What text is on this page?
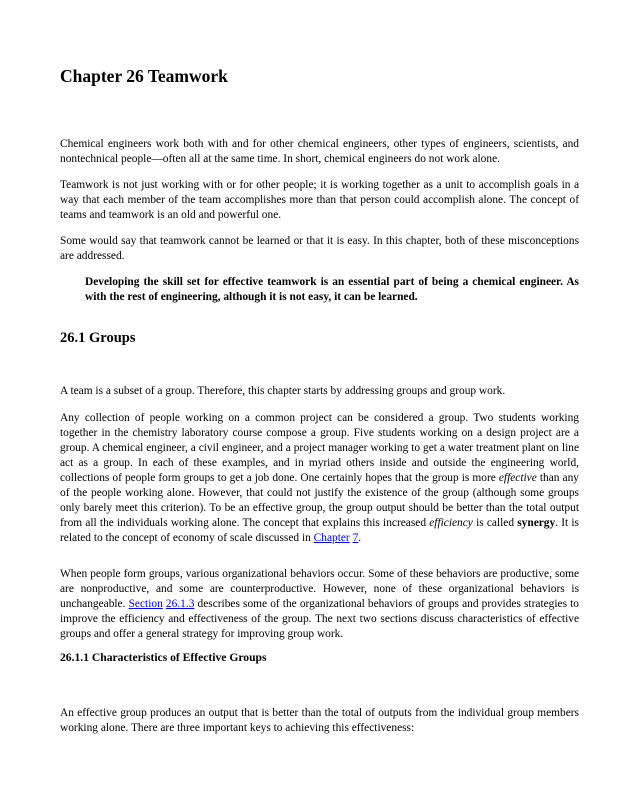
Chapter 26 Teamwork

Chemical engineers work both with and for other chemical engineers, other types of engineers, scientists, and nontechnical people—often all at the same time. In short, chemical engineers do not work alone.

Teamwork is not just working with or for other people; it is working together as a unit to accomplish goals in a way that each member of the team accomplishes more than that person could accomplish alone. The concept of teams and teamwork is an old and powerful one.

Some would say that teamwork cannot be learned or that it is easy. In this chapter, both of these misconceptions are addressed.

Developing the skill set for effective teamwork is an essential part of being a chemical engineer. As with the rest of engineering, although it is not easy, it can be learned.

26.1 Groups

A team is a subset of a group. Therefore, this chapter starts by addressing groups and group work.

Any collection of people working on a common project can be considered a group. Two students working together in the chemistry laboratory course compose a group. Five students working on a design project are a group. A chemical engineer, a civil engineer, and a project manager working to get a water treatment plant on line act as a group. In each of these examples, and in myriad others inside and outside the engineering world, collections of people form groups to get a job done. One certainly hopes that the group is more effective than any of the people working alone. However, that could not justify the existence of the group (although some groups only barely meet this criterion). To be an effective group, the group output should be better than the total output from all the individuals working alone. The concept that explains this increased efficiency is called synergy. It is related to the concept of economy of scale discussed in Chapter 7.

When people form groups, various organizational behaviors occur. Some of these behaviors are productive, some are nonproductive, and some are counterproductive. However, none of these organizational behaviors is unchangeable. Section 26.1.3 describes some of the organizational behaviors of groups and provides strategies to improve the efficiency and effectiveness of the group. The next two sections discuss characteristics of effective groups and offer a general strategy for improving group work.

26.1.1 Characteristics of Effective Groups

An effective group produces an output that is better than the total of outputs from the individual group members working alone. There are three important keys to achieving this effectiveness:
